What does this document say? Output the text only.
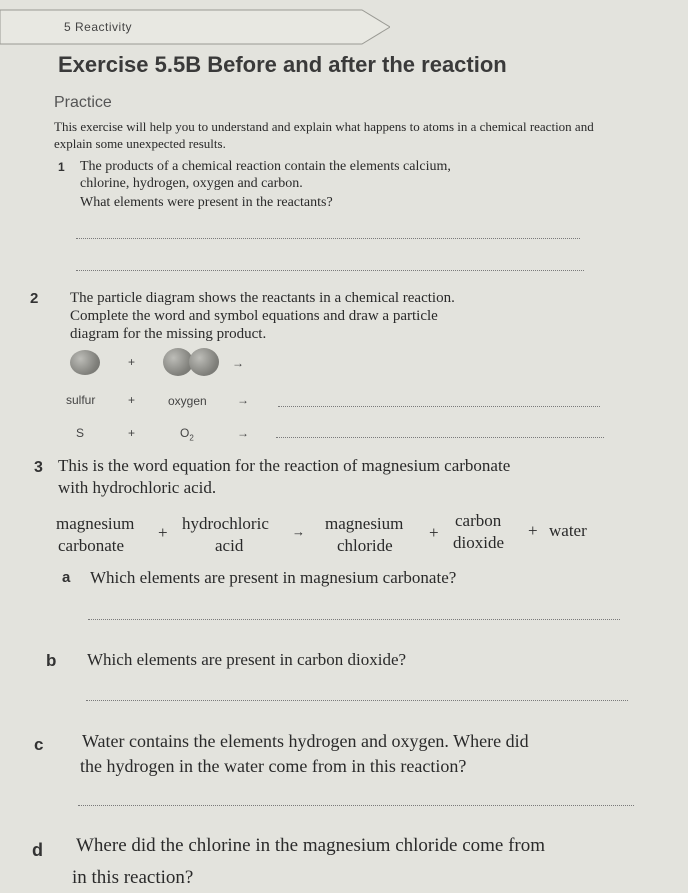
5 Reactivity
Exercise 5.5B Before and after the reaction
Practice
This exercise will help you to understand and explain what happens to atoms in a chemical reaction and explain some unexpected results.
1 The products of a chemical reaction contain the elements calcium,
chlorine, hydrogen, oxygen and carbon.
What elements were present in the reactants?
2 The particle diagram shows the reactants in a chemical reaction.
Complete the word and symbol equations and draw a particle
diagram for the missing product.
+	→
sulfur	+	oxygen	→
S	+	$O_2$	→
3 This is the word equation for the reaction of magnesium carbonate
with hydrochloric acid.
magnesium
carbonate
+ hydrochloric
acid
→ magnesium
chloride
+
carbon
dioxide
+ water
a Which elements are present in magnesium carbonate?
b Which elements are present in carbon dioxide?
c Water contains the elements hydrogen and oxygen. Where did
the hydrogen in the water come from in this reaction?
d Where did the chlorine in the magnesium chloride come from
in this reaction?
